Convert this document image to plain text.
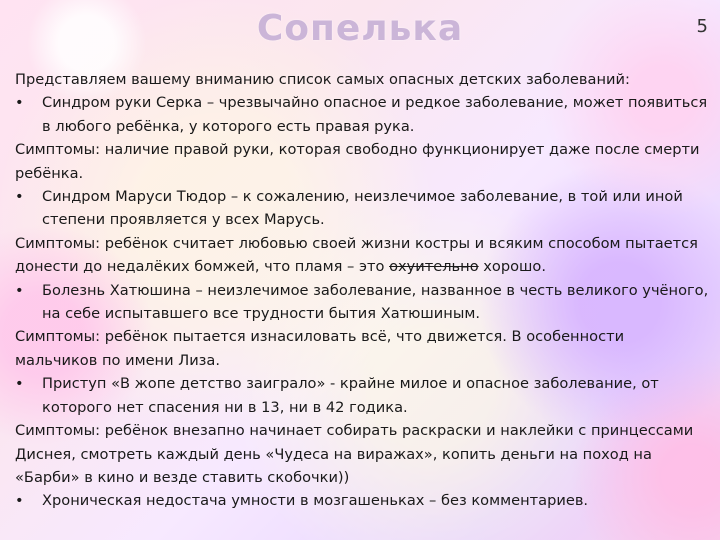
Сопелька	5

Представляем вашему вниманию список самых опасных детских заболеваний:

•	Синдром руки Серка – чрезвычайно опасное и редкое заболевание, может появиться в любого ребёнка, у которого есть правая рука.

Симптомы: наличие правой руки, которая свободно функционирует даже после смерти ребёнка.

•	Синдром Маруси Тюдор – к сожалению, неизлечимое заболевание, в той или иной степени проявляется у всех Марусь.

Симптомы: ребёнок считает любовью своей жизни костры и всяким способом пытается донести до недалёких бомжей, что пламя – это охуительно хорошо.

•	Болезнь Хатюшина – неизлечимое заболевание, названное в честь великого учёного, на себе испытавшего все трудности бытия Хатюшиным.

Симптомы: ребёнок пытается изнасиловать всё, что движется. В особенности мальчиков по имени Лиза.

•	Приступ «В жопе детство заиграло» - крайне милое и опасное заболевание, от которого нет спасения ни в 13, ни в 42 годика.

Симптомы: ребёнок внезапно начинает собирать раскраски и наклейки с принцессами Диснея, смотреть каждый день «Чудеса на виражах», копить деньги на поход на «Барби» в кино и везде ставить скобочки))

•	Хроническая недостача умности в мозгашеньках – без комментариев.
